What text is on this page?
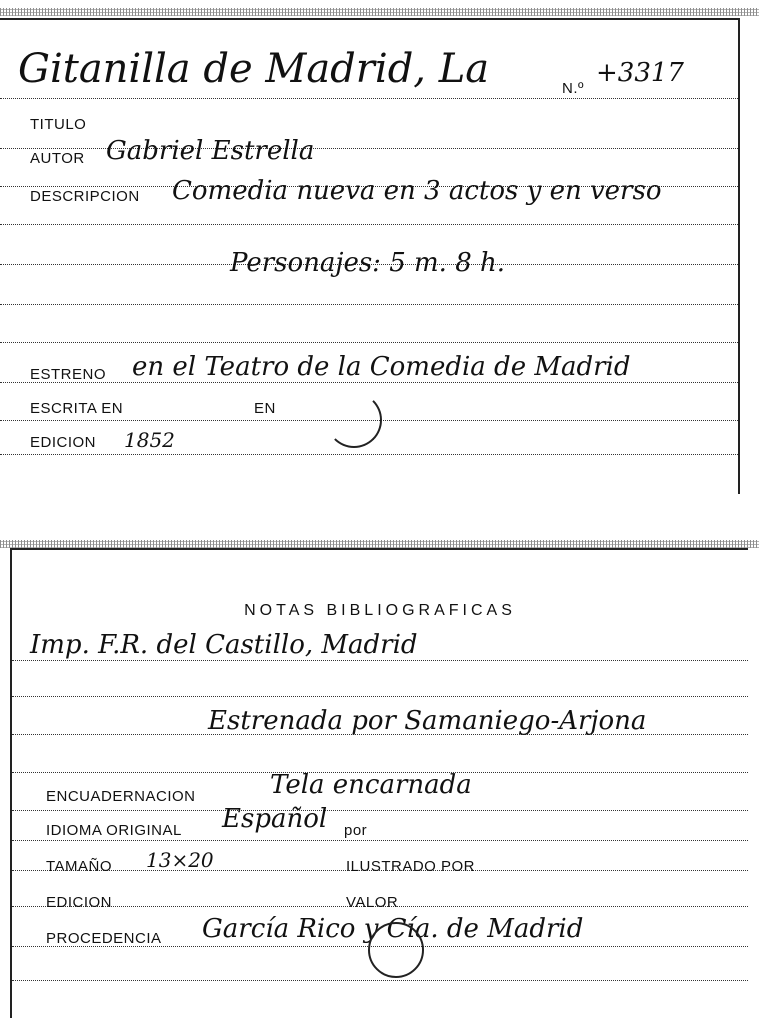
Gitanilla de Madrid, La	N.º
+3317
TITULO
AUTOR Gabriel Estrella
DESCRIPCION Comedia nueva en 3 actos y en verso
Personajes: 5 m. 8 h.
ESTRENO en el Teatro de la Comedia de Madrid
ESCRITA EN	EN
EDICION 1852
NOTAS BIBLIOGRAFICAS
Imp. F.R. del Castillo, Madrid
Estrenada por Samaniego-Arjona
ENCUADERNACION	Tela encarnada
IDIOMA ORIGINAL Español por
TAMAÑO 13×20	ILUSTRADO POR
EDICION	VALOR
PROCEDENCIA García Rico y Cía. de Madrid
